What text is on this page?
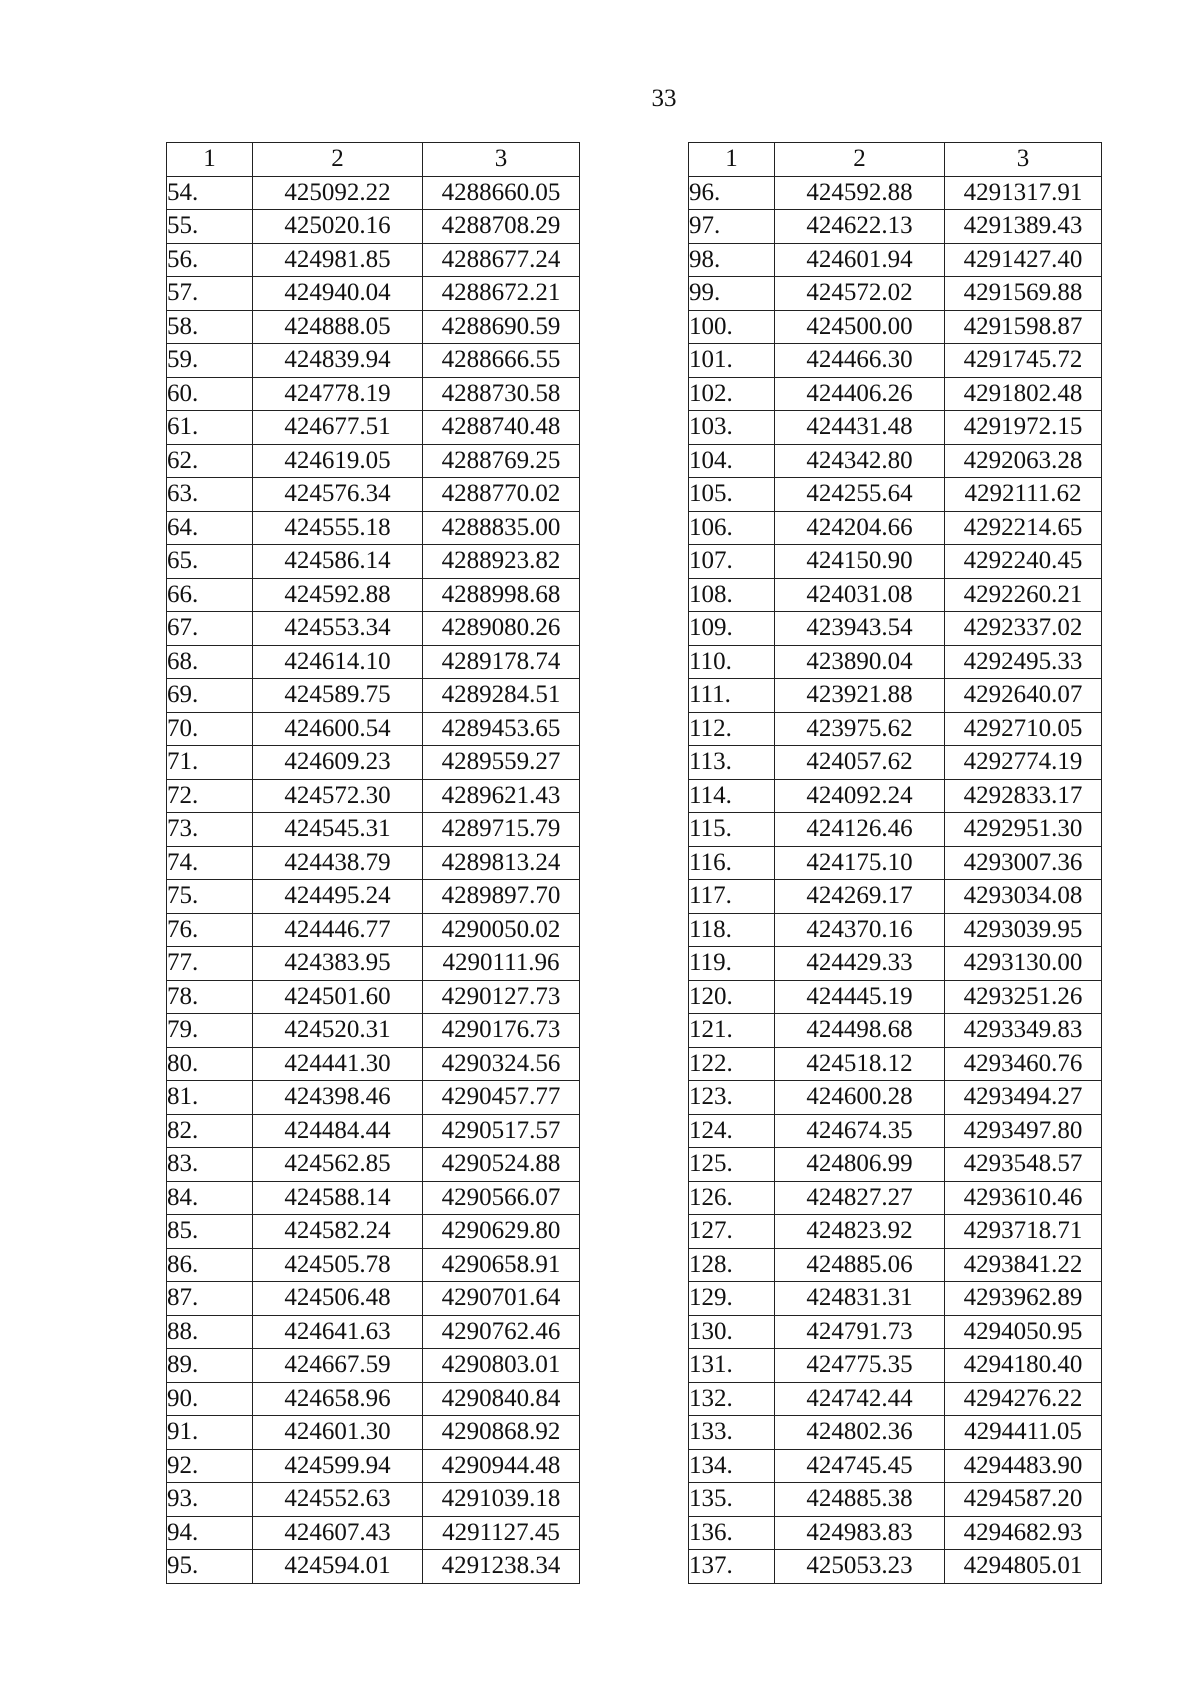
33
1	2	3
54.	425092.22	4288660.05
55.	425020.16	4288708.29
56.	424981.85	4288677.24
57.	424940.04	4288672.21
58.	424888.05	4288690.59
59.	424839.94	4288666.55
60.	424778.19	4288730.58
61.	424677.51	4288740.48
62.	424619.05	4288769.25
63.	424576.34	4288770.02
64.	424555.18	4288835.00
65.	424586.14	4288923.82
66.	424592.88	4288998.68
67.	424553.34	4289080.26
68.	424614.10	4289178.74
69.	424589.75	4289284.51
70.	424600.54	4289453.65
71.	424609.23	4289559.27
72.	424572.30	4289621.43
73.	424545.31	4289715.79
74.	424438.79	4289813.24
75.	424495.24	4289897.70
76.	424446.77	4290050.02
77.	424383.95	4290111.96
78.	424501.60	4290127.73
79.	424520.31	4290176.73
80.	424441.30	4290324.56
81.	424398.46	4290457.77
82.	424484.44	4290517.57
83.	424562.85	4290524.88
84.	424588.14	4290566.07
85.	424582.24	4290629.80
86.	424505.78	4290658.91
87.	424506.48	4290701.64
88.	424641.63	4290762.46
89.	424667.59	4290803.01
90.	424658.96	4290840.84
91.	424601.30	4290868.92
92.	424599.94	4290944.48
93.	424552.63	4291039.18
94.	424607.43	4291127.45
95.	424594.01	4291238.34
1	2	3
96.	424592.88	4291317.91
97.	424622.13	4291389.43
98.	424601.94	4291427.40
99.	424572.02	4291569.88
100.	424500.00	4291598.87
101.	424466.30	4291745.72
102.	424406.26	4291802.48
103.	424431.48	4291972.15
104.	424342.80	4292063.28
105.	424255.64	4292111.62
106.	424204.66	4292214.65
107.	424150.90	4292240.45
108.	424031.08	4292260.21
109.	423943.54	4292337.02
110.	423890.04	4292495.33
111.	423921.88	4292640.07
112.	423975.62	4292710.05
113.	424057.62	4292774.19
114.	424092.24	4292833.17
115.	424126.46	4292951.30
116.	424175.10	4293007.36
117.	424269.17	4293034.08
118.	424370.16	4293039.95
119.	424429.33	4293130.00
120.	424445.19	4293251.26
121.	424498.68	4293349.83
122.	424518.12	4293460.76
123.	424600.28	4293494.27
124.	424674.35	4293497.80
125.	424806.99	4293548.57
126.	424827.27	4293610.46
127.	424823.92	4293718.71
128.	424885.06	4293841.22
129.	424831.31	4293962.89
130.	424791.73	4294050.95
131.	424775.35	4294180.40
132.	424742.44	4294276.22
133.	424802.36	4294411.05
134.	424745.45	4294483.90
135.	424885.38	4294587.20
136.	424983.83	4294682.93
137.	425053.23	4294805.01
